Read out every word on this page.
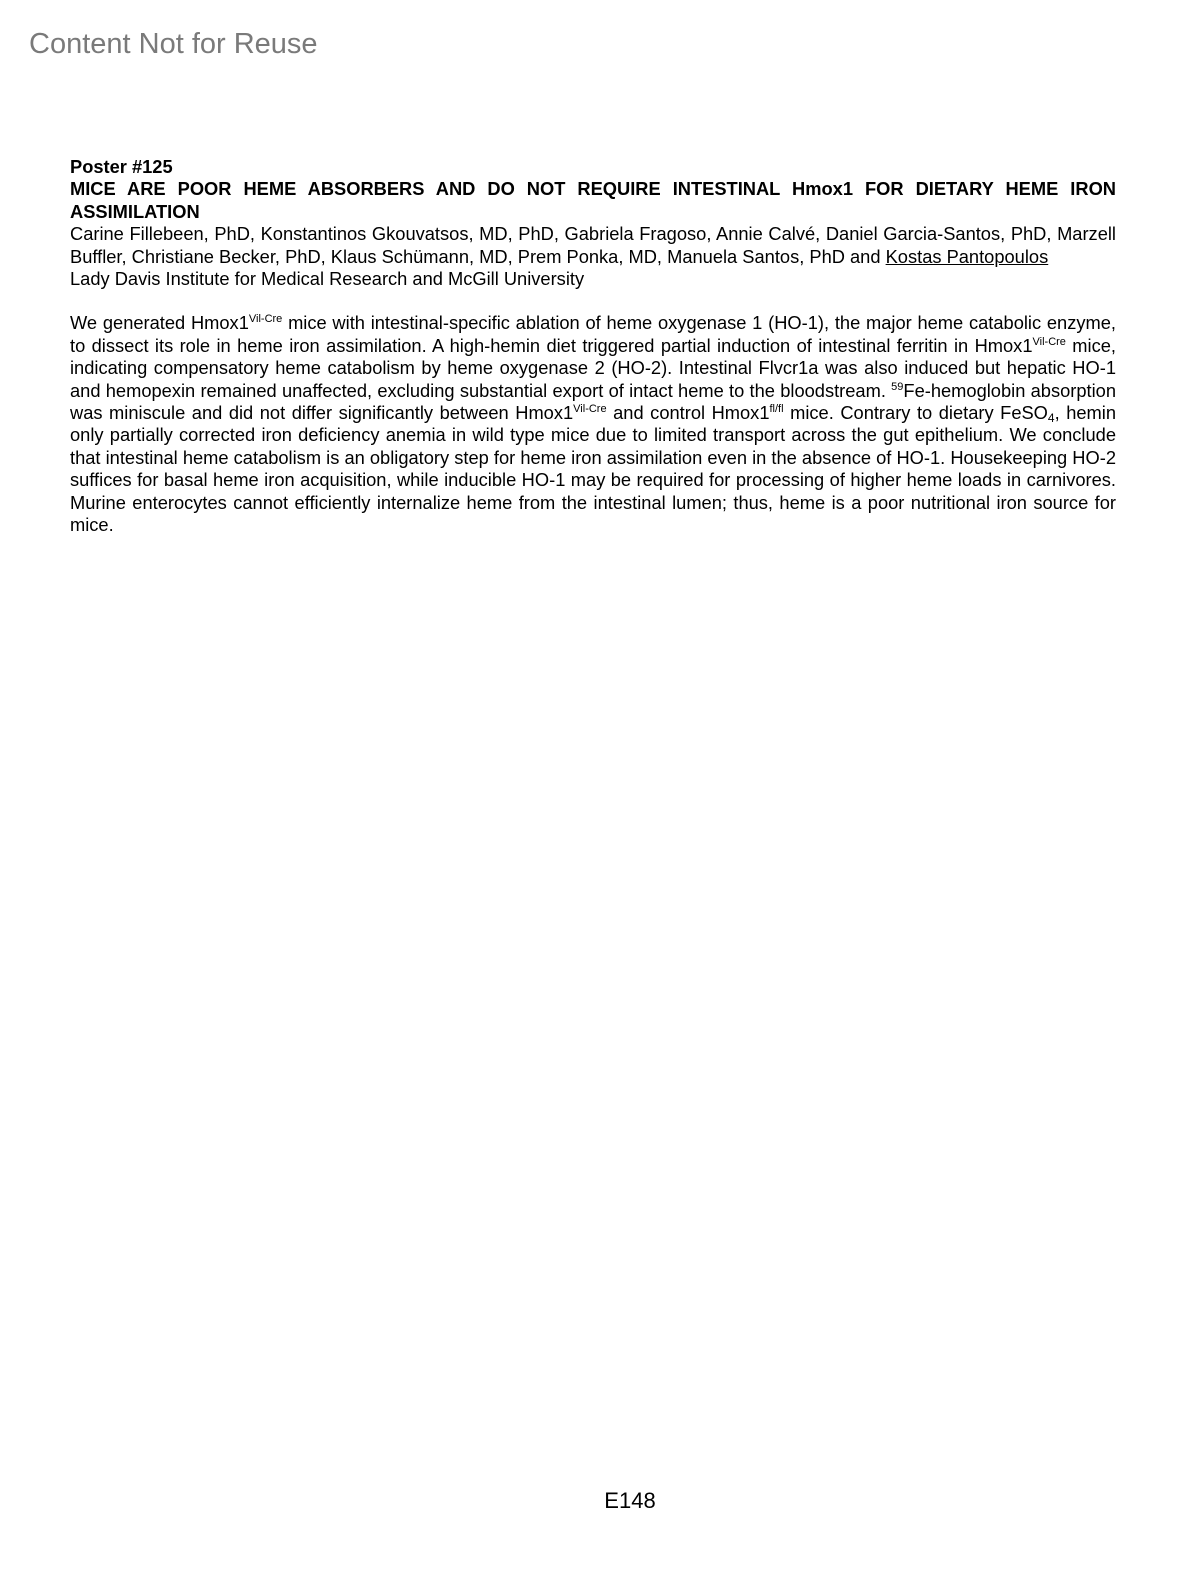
Content Not for Reuse
Poster #125
MICE ARE POOR HEME ABSORBERS AND DO NOT REQUIRE INTESTINAL Hmox1 FOR DIETARY HEME IRON ASSIMILATION
Carine Fillebeen, PhD, Konstantinos Gkouvatsos, MD, PhD, Gabriela Fragoso, Annie Calvé, Daniel Garcia-Santos, PhD, Marzell Buffler, Christiane Becker, PhD, Klaus Schümann, MD, Prem Ponka, MD, Manuela Santos, PhD and Kostas Pantopoulos
Lady Davis Institute for Medical Research and McGill University
We generated $Hmox1^{Vil-Cre}$ mice with intestinal-specific ablation of heme oxygenase 1 (HO-1), the major heme catabolic enzyme, to dissect its role in heme iron assimilation. A high-hemin diet triggered partial induction of intestinal ferritin in $Hmox1^{Vil-Cre}$ mice, indicating compensatory heme catabolism by heme oxygenase 2 (HO-2). Intestinal Flvcr1a was also induced but hepatic HO-1 and hemopexin remained unaffected, excluding substantial export of intact heme to the bloodstream. $^{59}$Fe-hemoglobin absorption was miniscule and did not differ significantly between $Hmox1^{Vil-Cre}$ and control $Hmox1^{fl/fl}$ mice. Contrary to dietary FeSO$_4$, hemin only partially corrected iron deficiency anemia in wild type mice due to limited transport across the gut epithelium. We conclude that intestinal heme catabolism is an obligatory step for heme iron assimilation even in the absence of HO-1. Housekeeping HO-2 suffices for basal heme iron acquisition, while inducible HO-1 may be required for processing of higher heme loads in carnivores. Murine enterocytes cannot efficiently internalize heme from the intestinal lumen; thus, heme is a poor nutritional iron source for mice.
E148
